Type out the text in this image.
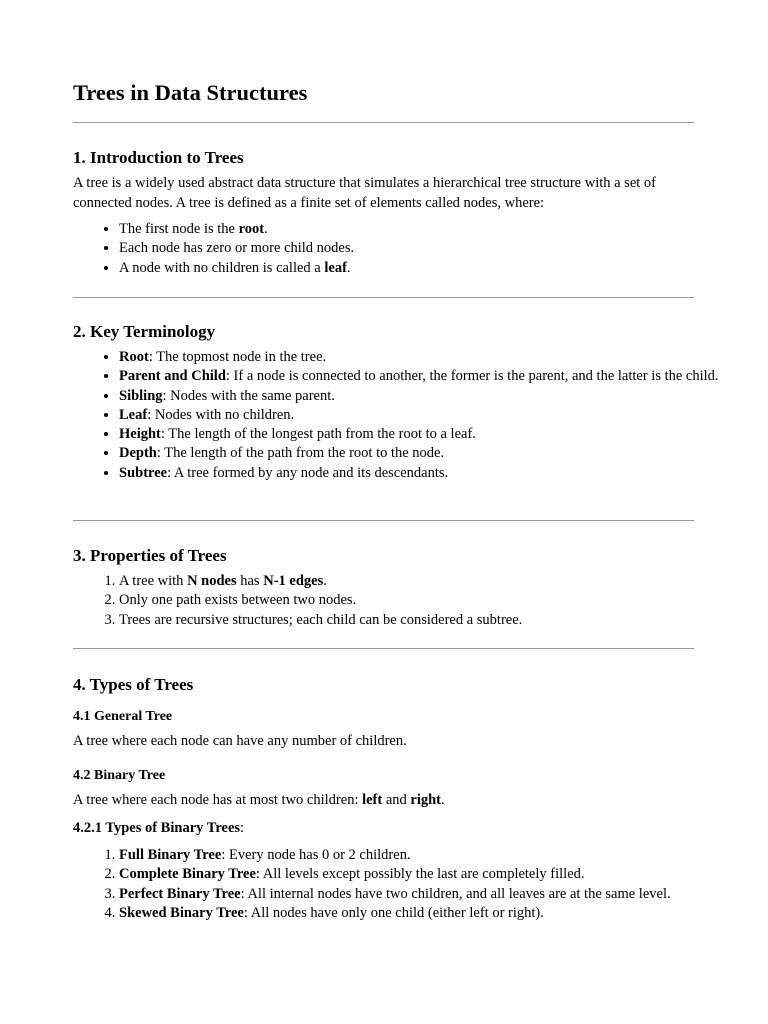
Trees in Data Structures
1. Introduction to Trees

A tree is a widely used abstract data structure that simulates a hierarchical tree structure with a set of connected nodes. A tree is defined as a finite set of elements called nodes, where:

• The first node is the root.
• Each node has zero or more child nodes.
• A node with no children is called a leaf.
2. Key Terminology
• Root: The topmost node in the tree.
• Parent and Child: If a node is connected to another, the former is the parent, and the latter is the child.
• Sibling: Nodes with the same parent.
• Leaf: Nodes with no children.
• Height: The length of the longest path from the root to a leaf.
• Depth: The length of the path from the root to the node.
• Subtree: A tree formed by any node and its descendants.
3. Properties of Trees
1. A tree with N nodes has N-1 edges.
2. Only one path exists between two nodes.
3. Trees are recursive structures; each child can be considered a subtree.
4. Types of Trees
4.1 General Tree

A tree where each node can have any number of children.

4.2 Binary Tree

A tree where each node has at most two children: left and right.

4.2.1 Types of Binary Trees:

1. Full Binary Tree: Every node has 0 or 2 children.
2. Complete Binary Tree: All levels except possibly the last are completely filled.
3. Perfect Binary Tree: All internal nodes have two children, and all leaves are at the same level.
4. Skewed Binary Tree: All nodes have only one child (either left or right).
